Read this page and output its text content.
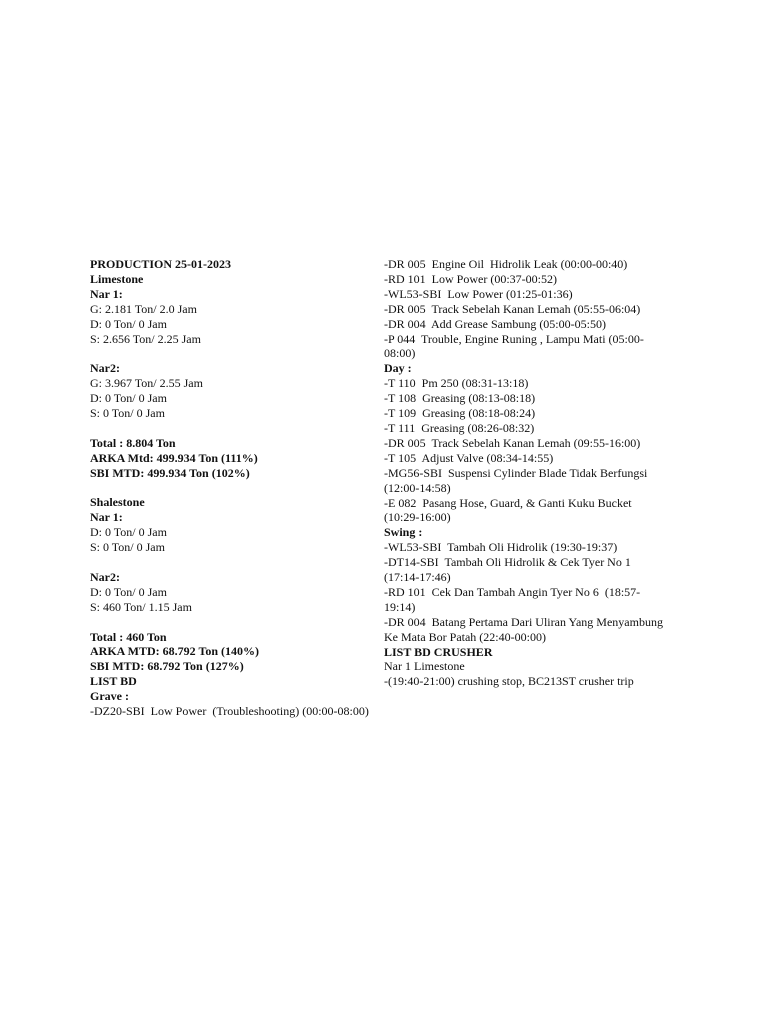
PRODUCTION 25-01-2023
Limestone
Nar 1:
G: 2.181 Ton/ 2.0 Jam
D: 0 Ton/ 0 Jam
S: 2.656 Ton/ 2.25 Jam
Nar2:
G: 3.967 Ton/ 2.55 Jam
D: 0 Ton/ 0 Jam
S: 0 Ton/ 0 Jam
Total : 8.804 Ton
ARKA Mtd: 499.934 Ton (111%)
SBI MTD: 499.934 Ton (102%)
Shalestone
Nar 1:
D: 0 Ton/ 0 Jam
S: 0 Ton/ 0 Jam
Nar2:
D: 0 Ton/ 0 Jam
S: 460 Ton/ 1.15 Jam
Total : 460 Ton
ARKA MTD: 68.792 Ton (140%)
SBI MTD: 68.792 Ton (127%)
LIST BD
Grave :
-DZ20-SBI  Low Power  (Troubleshooting) (00:00-08:00)
-DR 005  Engine Oil  Hidrolik Leak (00:00-00:40)
-RD 101  Low Power (00:37-00:52)
-WL53-SBI  Low Power (01:25-01:36)
-DR 005  Track Sebelah Kanan Lemah (05:55-06:04)
-DR 004  Add Grease Sambung (05:00-05:50)
-P 044  Trouble, Engine Runing , Lampu Mati (05:00-08:00)
Day :
-T 110  Pm 250 (08:31-13:18)
-T 108  Greasing (08:13-08:18)
-T 109  Greasing (08:18-08:24)
-T 111  Greasing (08:26-08:32)
-DR 005  Track Sebelah Kanan Lemah (09:55-16:00)
-T 105  Adjust Valve (08:34-14:55)
-MG56-SBI  Suspensi Cylinder Blade Tidak Berfungsi (12:00-14:58)
-E 082  Pasang Hose, Guard, & Ganti Kuku Bucket (10:29-16:00)
Swing :
-WL53-SBI  Tambah Oli Hidrolik (19:30-19:37)
-DT14-SBI  Tambah Oli Hidrolik & Cek Tyer No 1 (17:14-17:46)
-RD 101  Cek Dan Tambah Angin Tyer No 6  (18:57-19:14)
-DR 004  Batang Pertama Dari Uliran Yang Menyambung Ke Mata Bor Patah (22:40-00:00)
LIST BD CRUSHER
Nar 1 Limestone
-(19:40-21:00) crushing stop, BC213ST crusher trip
